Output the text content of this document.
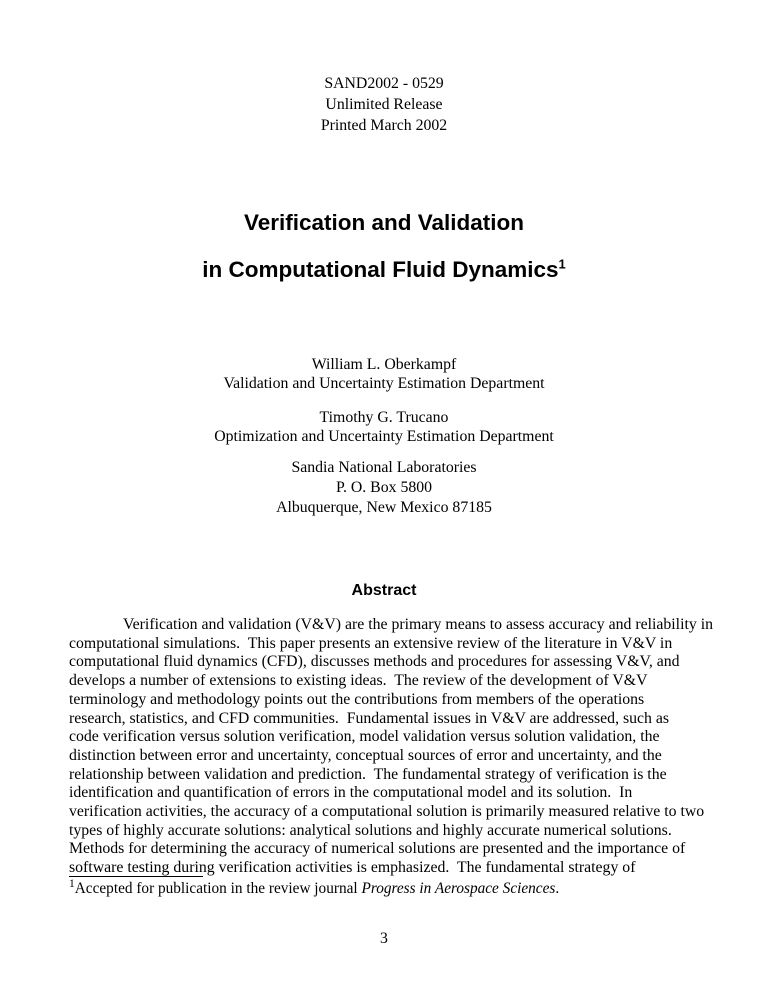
SAND2002 - 0529
Unlimited Release
Printed March 2002
Verification and Validation
in Computational Fluid Dynamics$^1$
William L. Oberkampf
Validation and Uncertainty Estimation Department
Timothy G. Trucano
Optimization and Uncertainty Estimation Department
Sandia National Laboratories
P. O. Box 5800
Albuquerque, New Mexico 87185
Abstract
Verification and validation (V&V) are the primary means to assess accuracy and reliability in
computational simulations.  This paper presents an extensive review of the literature in V&V in
computational fluid dynamics (CFD), discusses methods and procedures for assessing V&V, and
develops a number of extensions to existing ideas.  The review of the development of V&V
terminology and methodology points out the contributions from members of the operations
research, statistics, and CFD communities.  Fundamental issues in V&V are addressed, such as
code verification versus solution verification, model validation versus solution validation, the
distinction between error and uncertainty, conceptual sources of error and uncertainty, and the
relationship between validation and prediction.  The fundamental strategy of verification is the
identification and quantification of errors in the computational model and its solution.  In
verification activities, the accuracy of a computational solution is primarily measured relative to two
types of highly accurate solutions: analytical solutions and highly accurate numerical solutions.
Methods for determining the accuracy of numerical solutions are presented and the importance of
software testing during verification activities is emphasized.  The fundamental strategy of
$^1$Accepted for publication in the review journal Progress in Aerospace Sciences.
3
